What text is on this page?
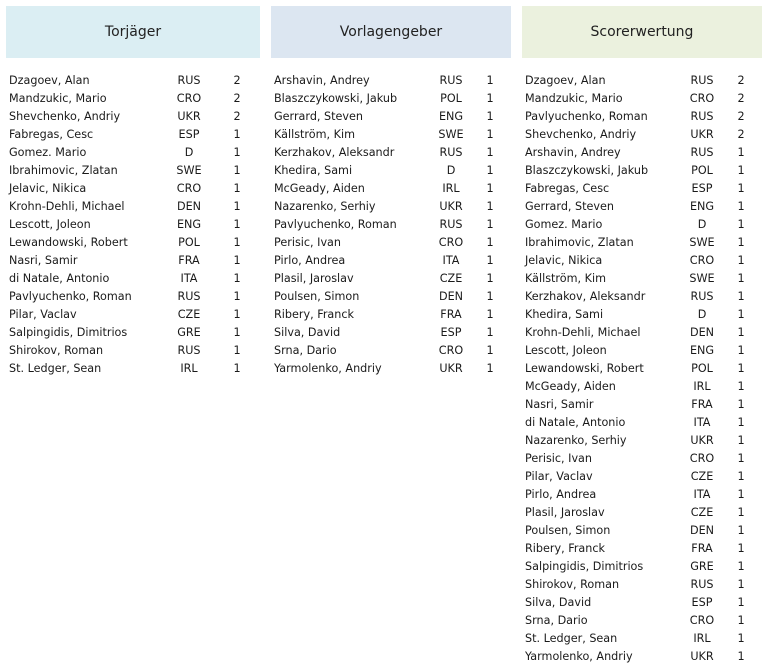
Torjäger
Dzagoev, Alan	RUS	2
Mandzukic, Mario	CRO	2
Shevchenko, Andriy	UKR	2
Fabregas, Cesc	ESP	1
Gomez. Mario	D	1
Ibrahimovic, Zlatan	SWE	1
Jelavic, Nikica	CRO	1
Krohn-Dehli, Michael	DEN	1
Lescott, Joleon	ENG	1
Lewandowski, Robert	POL	1
Nasri, Samir	FRA	1
di Natale, Antonio	ITA	1
Pavlyuchenko, Roman	RUS	1
Pilar, Vaclav	CZE	1
Salpingidis, Dimitrios	GRE	1
Shirokov, Roman	RUS	1
St. Ledger, Sean	IRL	1
Vorlagengeber
Arshavin, Andrey	RUS	1
Blaszczykowski, Jakub	POL	1
Gerrard, Steven	ENG	1
Källström, Kim	SWE	1
Kerzhakov, Aleksandr	RUS	1
Khedira, Sami	D	1
McGeady, Aiden	IRL	1
Nazarenko, Serhiy	UKR	1
Pavlyuchenko, Roman	RUS	1
Perisic, Ivan	CRO	1
Pirlo, Andrea	ITA	1
Plasil, Jaroslav	CZE	1
Poulsen, Simon	DEN	1
Ribery, Franck	FRA	1
Silva, David	ESP	1
Srna, Dario	CRO	1
Yarmolenko, Andriy	UKR	1
Scorerwertung
Dzagoev, Alan	RUS	2
Mandzukic, Mario	CRO	2
Pavlyuchenko, Roman	RUS	2
Shevchenko, Andriy	UKR	2
Arshavin, Andrey	RUS	1
Blaszczykowski, Jakub	POL	1
Fabregas, Cesc	ESP	1
Gerrard, Steven	ENG	1
Gomez. Mario	D	1
Ibrahimovic, Zlatan	SWE	1
Jelavic, Nikica	CRO	1
Källström, Kim	SWE	1
Kerzhakov, Aleksandr	RUS	1
Khedira, Sami	D	1
Krohn-Dehli, Michael	DEN	1
Lescott, Joleon	ENG	1
Lewandowski, Robert	POL	1
McGeady, Aiden	IRL	1
Nasri, Samir	FRA	1
di Natale, Antonio	ITA	1
Nazarenko, Serhiy	UKR	1
Perisic, Ivan	CRO	1
Pilar, Vaclav	CZE	1
Pirlo, Andrea	ITA	1
Plasil, Jaroslav	CZE	1
Poulsen, Simon	DEN	1
Ribery, Franck	FRA	1
Salpingidis, Dimitrios	GRE	1
Shirokov, Roman	RUS	1
Silva, David	ESP	1
Srna, Dario	CRO	1
St. Ledger, Sean	IRL	1
Yarmolenko, Andriy	UKR	1
